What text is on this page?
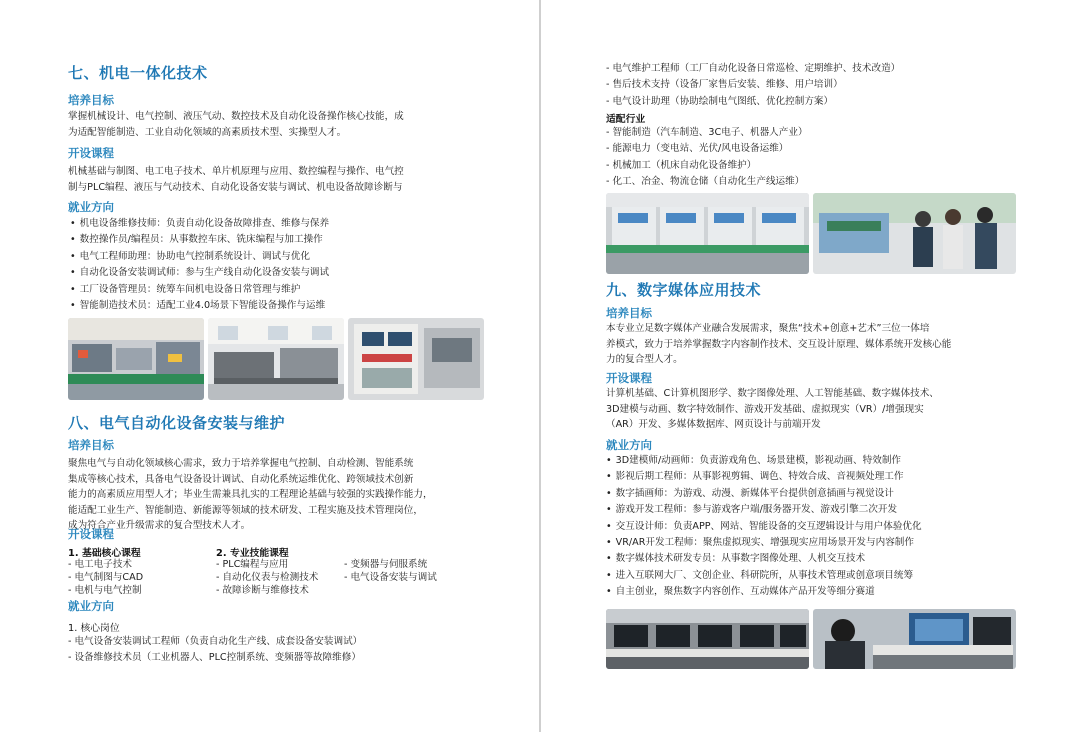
七、机电一体化技术
培养目标
掌握机械设计、电气控制、液压气动、数控技术及自动化设备操作核心技能，成
为适配智能制造、工业自动化领域的高素质技术型、实操型人才。
开设课程
机械基础与制图、电工电子技术、单片机原理与应用、数控编程与操作、电气控
制与PLC编程、液压与气动技术、自动化设备安装与调试、机电设备故障诊断与
就业方向
• 机电设备维修技师：负责自动化设备故障排查、维修与保养
• 数控操作员/编程员：从事数控车床、铣床编程与加工操作
• 电气工程师助理：协助电气控制系统设计、调试与优化
• 自动化设备安装调试师：参与生产线自动化设备安装与调试
• 工厂设备管理员：统筹车间机电设备日常管理与维护
• 智能制造技术员：适配工业4.0场景下智能设备操作与运维
八、电气自动化设备安装与维护
培养目标
聚焦电气与自动化领域核心需求，致力于培养掌握电气控制、自动检测、智能系统
集成等核心技术，具备电气设备设计调试、自动化系统运维优化、跨领域技术创新
能力的高素质应用型人才；毕业生需兼具扎实的工程理论基础与较强的实践操作能力，
能适配工业生产、智能制造、新能源等领域的技术研发、工程实施及技术管理岗位，
成为符合产业升级需求的复合型技术人才。
开设课程
1. 基础核心课程
- 电工电子技术
- 电气制图与CAD
- 电机与电气控制
2. 专业技能课程
- PLC编程与应用
- 自动化仪表与检测技术
- 故障诊断与维修技术
- 变频器与伺服系统
- 电气设备安装与调试
就业方向
1. 核心岗位
- 电气设备安装调试工程师（负责自动化生产线、成套设备安装调试）
- 设备维修技术员（工业机器人、PLC控制系统、变频器等故障维修）
- 电气维护工程师（工厂自动化设备日常巡检、定期维护、技术改造）
- 售后技术支持（设备厂家售后安装、维修、用户培训）
- 电气设计助理（协助绘制电气图纸、优化控制方案）
适配行业
- 智能制造（汽车制造、3C电子、机器人产业）
- 能源电力（变电站、光伏/风电设备运维）
- 机械加工（机床自动化设备维护）
- 化工、冶金、物流仓储（自动化生产线运维）
九、数字媒体应用技术
培养目标
本专业立足数字媒体产业融合发展需求，聚焦“技术+创意+艺术”三位一体培
养模式，致力于培养掌握数字内容制作技术、交互设计原理、媒体系统开发核心能
力的复合型人才。
开设课程
计算机基础、C计算机图形学、数字图像处理、人工智能基础、数字媒体技术、
3D建模与动画、数字特效制作、游戏开发基础、虚拟现实（VR）/增强现实
（AR）开发、多媒体数据库、网页设计与前端开发
就业方向
• 3D建模师/动画师：负责游戏角色、场景建模，影视动画、特效制作
• 影视后期工程师：从事影视剪辑、调色、特效合成、音视频处理工作
• 数字插画师：为游戏、动漫、新媒体平台提供创意插画与视觉设计
• 游戏开发工程师：参与游戏客户端/服务器开发、游戏引擎二次开发
• 交互设计师：负责APP、网站、智能设备的交互逻辑设计与用户体验优化
• VR/AR开发工程师：聚焦虚拟现实、增强现实应用场景开发与内容制作
• 数字媒体技术研发专员：从事数字图像处理、人机交互技术
• 进入互联网大厂、文创企业、科研院所，从事技术管理或创意项目统筹
• 自主创业，聚焦数字内容创作、互动媒体产品开发等细分赛道
